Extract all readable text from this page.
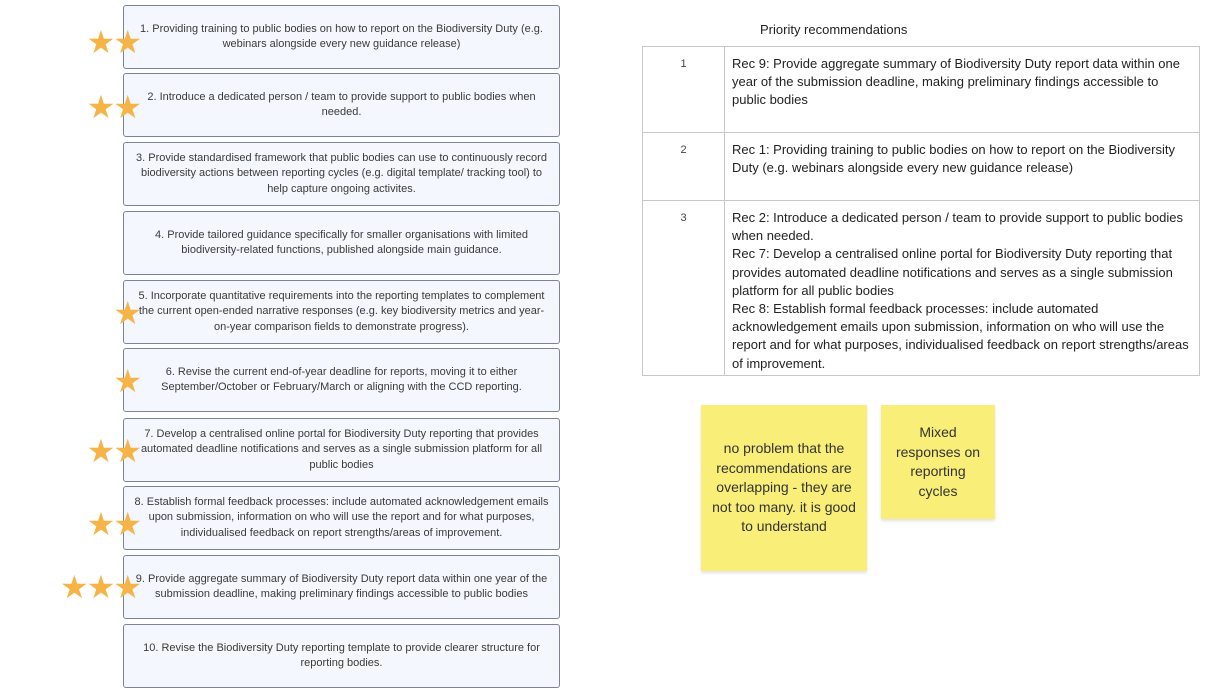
1. Providing training to public bodies on how to report on the Biodiversity Duty (e.g. webinars alongside every new guidance release)
2. Introduce a dedicated person / team to provide support to public bodies when needed.
3. Provide standardised framework that public bodies can use to continuously record biodiversity actions between reporting cycles (e.g. digital template/ tracking tool) to help capture ongoing activites.
4. Provide tailored guidance specifically for smaller organisations with limited biodiversity-related functions, published alongside main guidance.
5. Incorporate quantitative requirements into the reporting templates to complement the current open-ended narrative responses (e.g. key biodiversity metrics and year-on-year comparison fields to demonstrate progress).
6. Revise the current end-of-year deadline for reports, moving it to either September/October or February/March or aligning with the CCD reporting.
7. Develop a centralised online portal for Biodiversity Duty reporting that provides automated deadline notifications and serves as a single submission platform for all public bodies
8. Establish formal feedback processes: include automated acknowledgement emails upon submission, information on who will use the report and for what purposes, individualised feedback on report strengths/areas of improvement.
9. Provide aggregate summary of Biodiversity Duty report data within one year of the submission deadline, making preliminary findings accessible to public bodies
10. Revise the Biodiversity Duty reporting template to provide clearer structure for reporting bodies.
★★
★★
★
★
★★
★★
★★★
Priority recommendations
1	Rec 9: Provide aggregate summary of Biodiversity Duty report data within one year of the submission deadline, making preliminary findings accessible to public bodies

2	Rec 1: Providing training to public bodies on how to report on the Biodiversity Duty (e.g. webinars alongside every new guidance release)

3	Rec 2: Introduce a dedicated person / team to provide support to public bodies when needed.
Rec 7: Develop a centralised online portal for Biodiversity Duty reporting that provides automated deadline notifications and serves as a single submission platform for all public bodies
Rec 8: Establish formal feedback processes: include automated acknowledgement emails upon submission, information on who will use the report and for what purposes, individualised feedback on report strengths/areas of improvement.
no problem that the recommendations are overlapping - they are not too many. it is good to understand
Mixed responses on reporting cycles
